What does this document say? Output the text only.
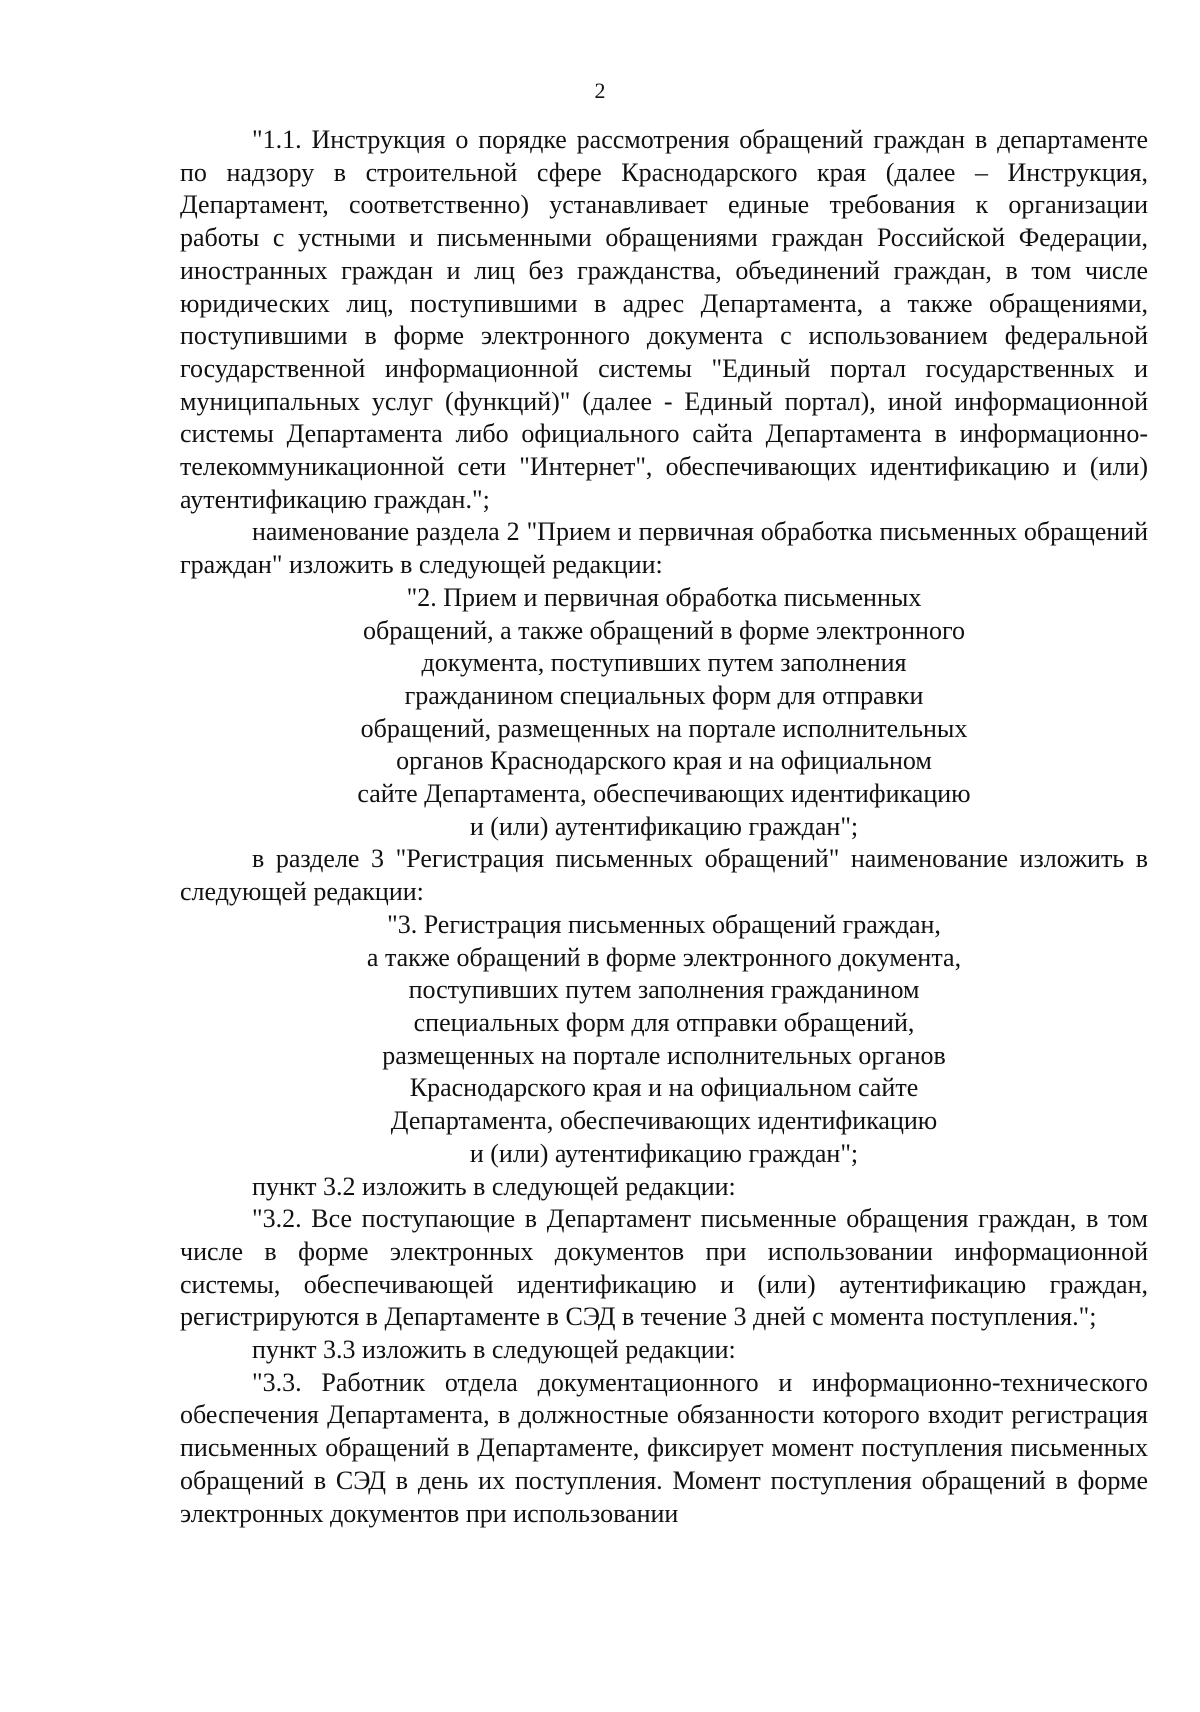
2

"1.1. Инструкция о порядке рассмотрения обращений граждан в департаменте по надзору в строительной сфере Краснодарского края (далее – Инструкция, Департамент, соответственно) устанавливает единые требования к организации работы с устными и письменными обращениями граждан Российской Федерации, иностранных граждан и лиц без гражданства, объединений граждан, в том числе юридических лиц, поступившими в адрес Департамента, а также обращениями, поступившими в форме электронного документа с использованием федеральной государственной информационной системы "Единый портал государственных и муниципальных услуг (функций)" (далее - Единый портал), иной информационной системы Департамента либо официального сайта Департамента в информационно-телекоммуникационной сети "Интернет", обеспечивающих идентификацию и (или) аутентификацию граждан.";

наименование раздела 2 "Прием и первичная обработка письменных обращений граждан" изложить в следующей редакции:

"2. Прием и первичная обработка письменных
обращений, а также обращений в форме электронного
документа, поступивших путем заполнения
гражданином специальных форм для отправки
обращений, размещенных на портале исполнительных
органов Краснодарского края и на официальном
сайте Департамента, обеспечивающих идентификацию
и (или) аутентификацию граждан";

в разделе 3 "Регистрация письменных обращений" наименование изложить в следующей редакции:

"3. Регистрация письменных обращений граждан,
а также обращений в форме электронного документа,
поступивших путем заполнения гражданином
специальных форм для отправки обращений,
размещенных на портале исполнительных органов
Краснодарского края и на официальном сайте
Департамента, обеспечивающих идентификацию
и (или) аутентификацию граждан";

пункт 3.2 изложить в следующей редакции:

"3.2. Все поступающие в Департамент письменные обращения граждан, в том числе в форме электронных документов при использовании информационной системы, обеспечивающей идентификацию и (или) аутентификацию граждан, регистрируются в Департаменте в СЭД в течение 3 дней с момента поступления.";

пункт 3.3 изложить в следующей редакции:

"3.3. Работник отдела документационного и информационно-технического обеспечения Департамента, в должностные обязанности которого входит регистрация письменных обращений в Департаменте, фиксирует момент поступления письменных обращений в СЭД в день их поступления. Момент поступления обращений в форме электронных документов при использовании
